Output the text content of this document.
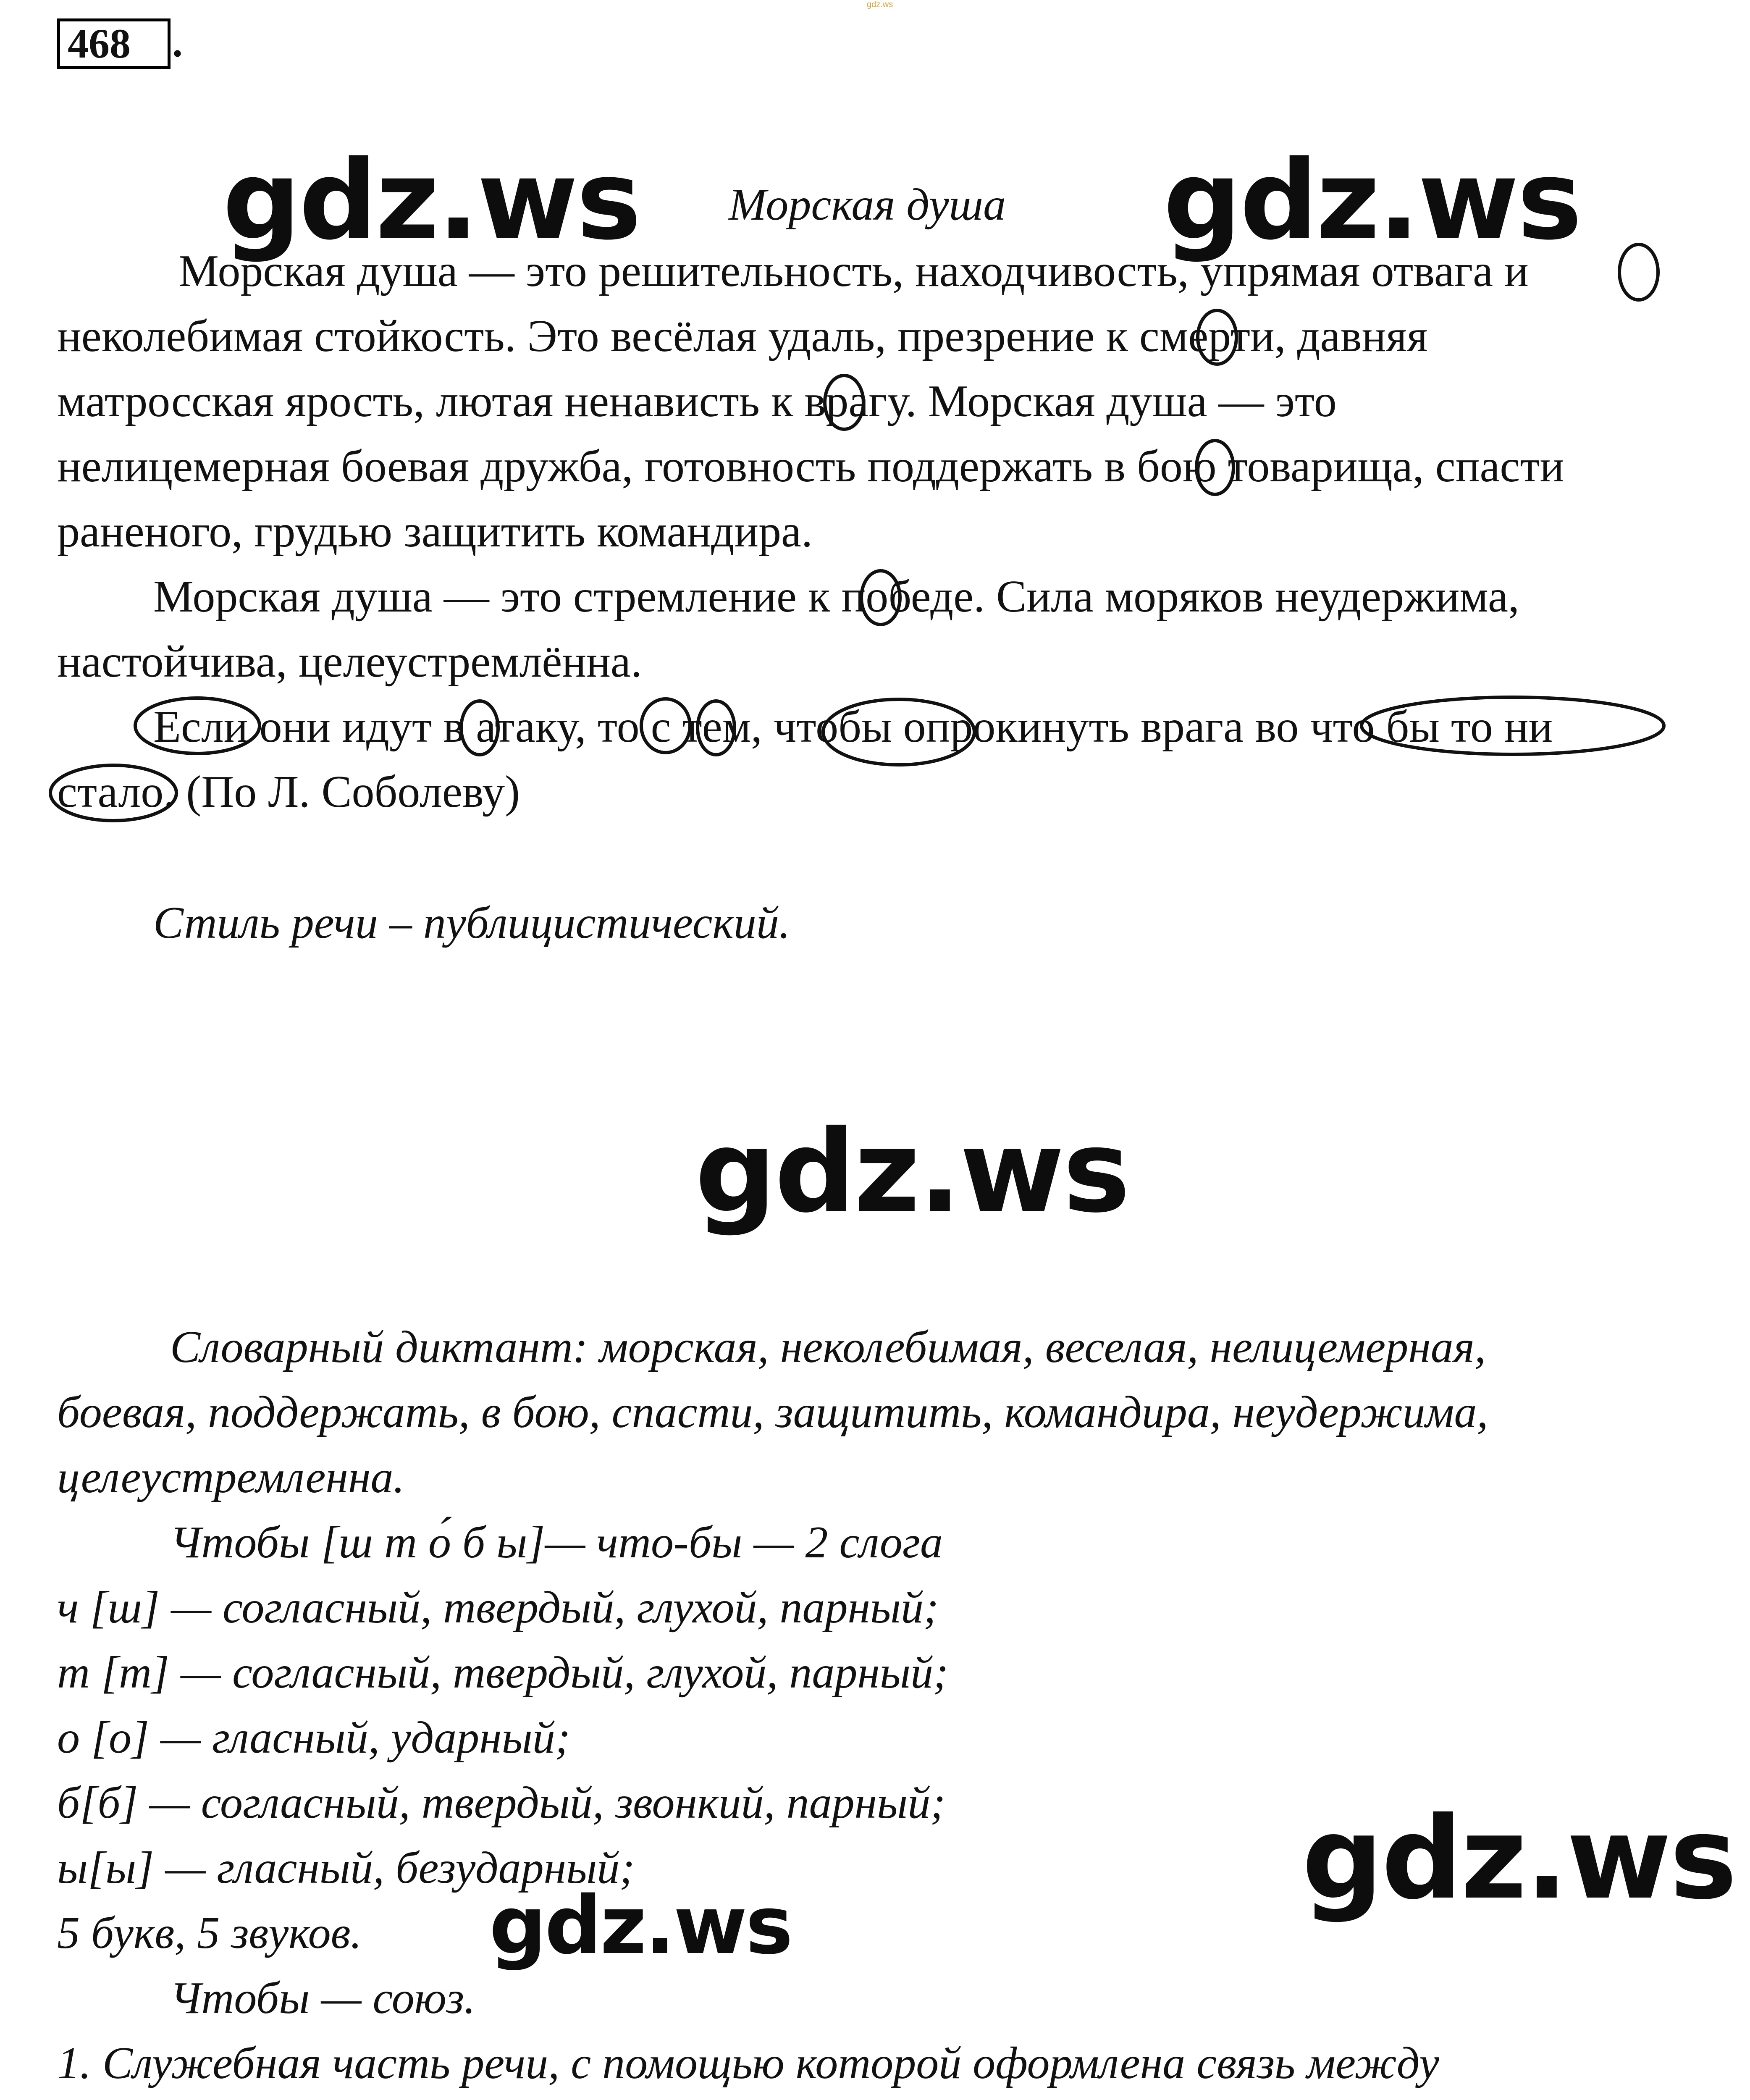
gdz.ws
468 .
gdz.ws	gdz.ws
gdz.ws
gdz.ws
gdz.ws
Морская душа
Морская душа — это решительность, находчивость, упрямая отвага и
неколебимая стойкость. Это весёлая удаль, презрение к смерти, давняя
матросская ярость, лютая ненависть к врагу. Морская душа — это
нелицемерная боевая дружба, готовность поддержать в бою товарища, спасти
раненого, грудью защитить командира.
Морская душа — это стремление к победе. Сила моряков неудержима,
настойчива, целеустремлённа.
Если они идут в атаку, то с тем, чтобы опрокинуть врага во что бы то ни
стало. (По Л. Соболеву)
Стиль речи – публицистический.
Словарный диктант: морская, неколебимая, веселая, нелицемерная,
боевая, поддержать, в бою, спасти, защитить, командира, неудержима,
целеустремленна.
Чтобы [ш т о́ б ы]— что-бы — 2 слога
ч [ш] — согласный, твердый, глухой, парный;
т [т] — согласный, твердый, глухой, парный;
о [о] — гласный, ударный;
б[б] — согласный, твердый, звонкий, парный;
ы[ы] — гласный, безударный;
5 букв, 5 звуков.
Чтобы — союз.
1. Служебная часть речи, с помощью которой оформлена связь между
